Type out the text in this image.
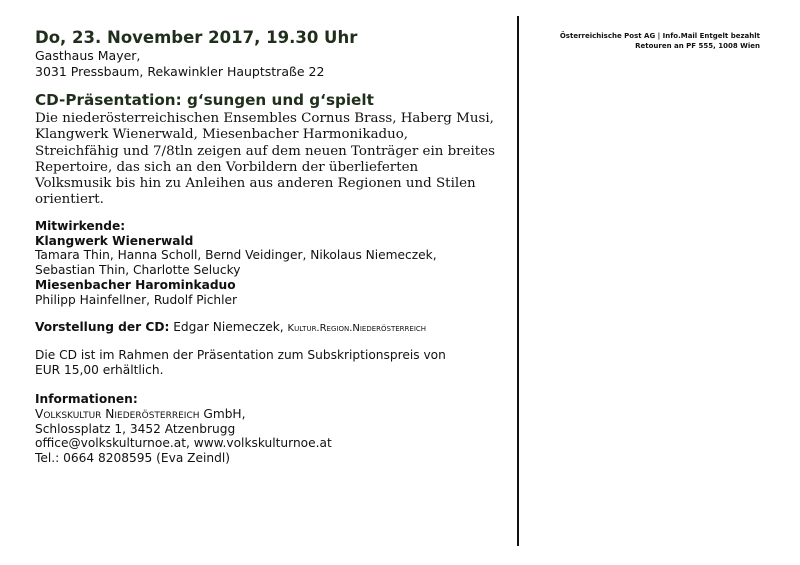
Do, 23. November 2017, 19.30 Uhr
Gasthaus Mayer,
3031 Pressbaum, Rekawinkler Hauptstraße 22
CD-Präsentation: g‘sungen und g‘spielt
Die niederösterreichischen Ensembles Cornus Brass, Haberg Musi,
Klangwerk Wienerwald, Miesenbacher Harmonikaduo,
Streichfähig und 7/8tln zeigen auf dem neuen Tonträger ein breites
Repertoire, das sich an den Vorbildern der überlieferten
Volksmusik bis hin zu Anleihen aus anderen Regionen und Stilen
orientiert.
Mitwirkende:
Klangwerk Wienerwald
Tamara Thin, Hanna Scholl, Bernd Veidinger, Nikolaus Niemeczek,
Sebastian Thin, Charlotte Selucky
Miesenbacher Harominkaduo
Philipp Hainfellner, Rudolf Pichler
Vorstellung der CD: Edgar Niemeczek, Kultur.Region.Niederösterreich
Die CD ist im Rahmen der Präsentation zum Subskriptionspreis von
EUR 15,00 erhältlich.
Informationen:
Volkskultur Niederösterreich GmbH,
Schlossplatz 1, 3452 Atzenbrugg
office@volkskulturnoe.at, www.volkskulturnoe.at
Tel.: 0664 8208595 (Eva Zeindl)
Österreichische Post AG | Info.Mail Entgelt bezahlt
Retouren an PF 555, 1008 Wien
